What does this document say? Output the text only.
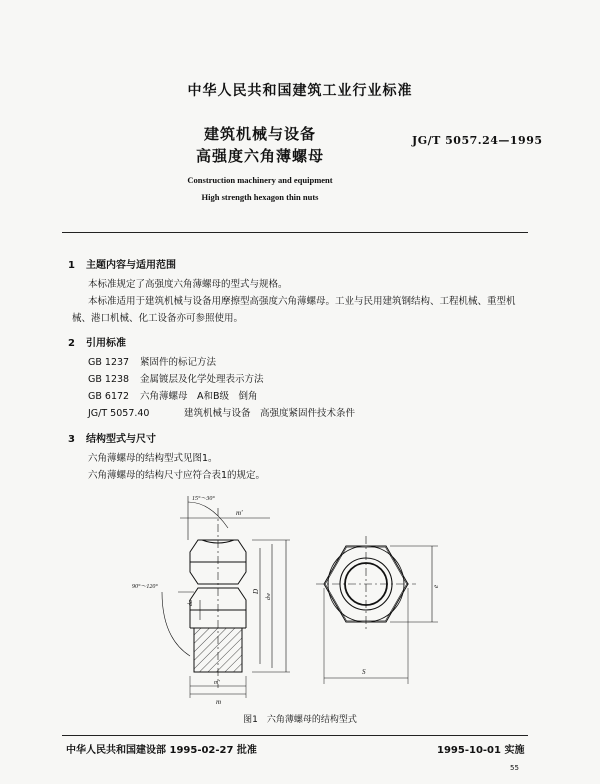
中华人民共和国建筑工业行业标准
建筑机械与设备
高强度六角薄螺母
JG/T 5057.24—1995
Construction machinery and equipment
High strength hexagon thin nuts
1 主题内容与适用范围
本标准规定了高强度六角薄螺母的型式与规格。
本标准适用于建筑机械与设备用摩擦型高强度六角薄螺母。工业与民用建筑钢结构、工程机械、重型机械、港口机械、化工设备亦可参照使用。
2 引用标准
GB 1237 紧固件的标记方法
GB 1238 金属镀层及化学处理表示方法
GB 6172 六角薄螺母　A和B级　倒角
JG/T 5057.40	建筑机械与设备　高强度紧固件技术条件
3 结构型式与尺寸
六角薄螺母的结构型式见图1。
六角薄螺母的结构尺寸应符合表1的规定。
15°～30°
m'
90°～120°
da
D
dw
m'
m
e
S
图1　六角薄螺母的结构型式
中华人民共和国建设部 1995-02-27 批准	1995-10-01 实施
55
